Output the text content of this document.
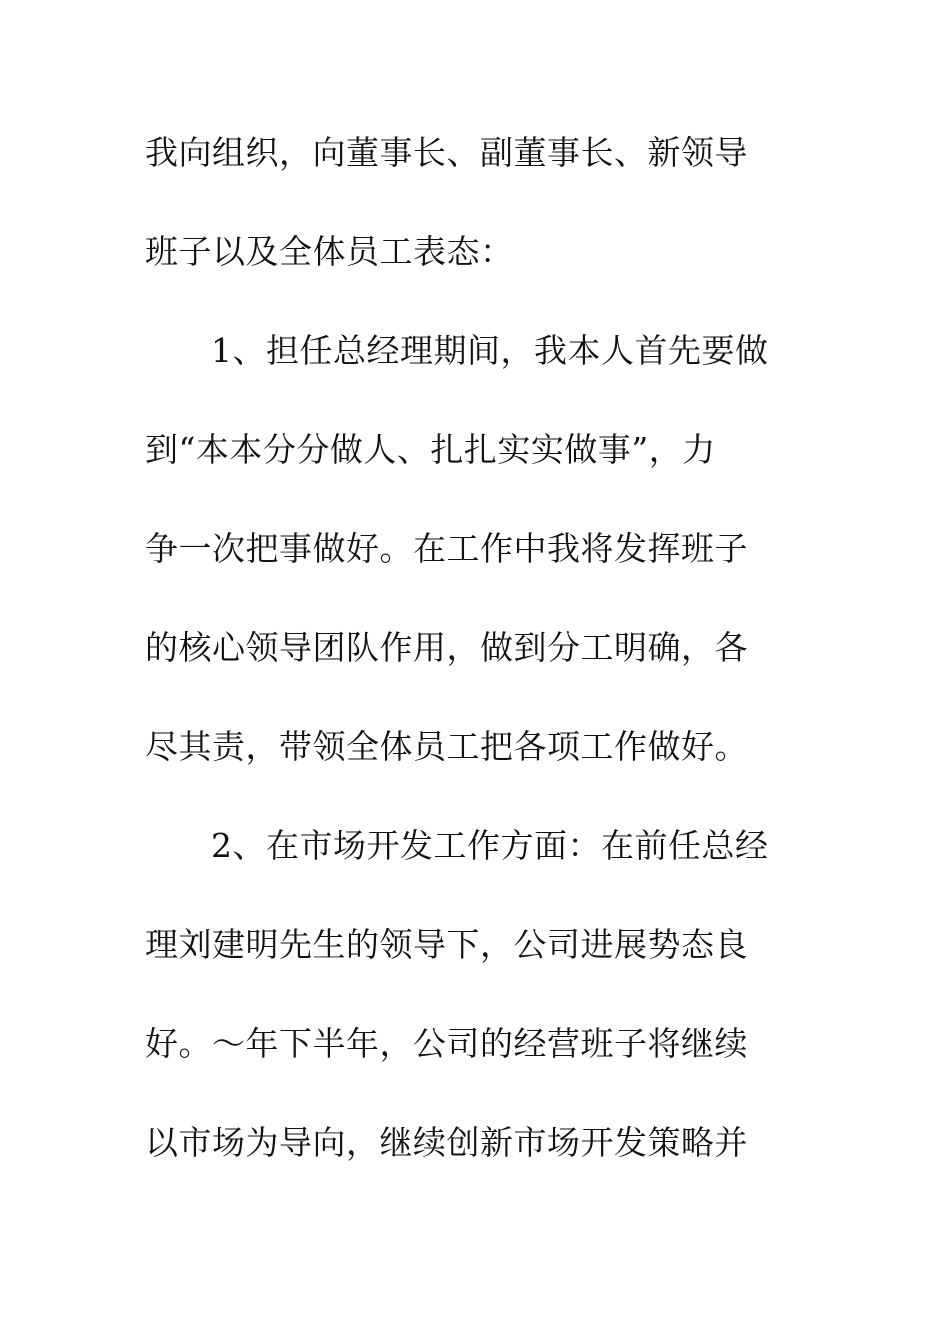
我向组织，向董事长、副董事长、新领导
班子以及全体员工表态：
1、担任总经理期间，我本人首先要做
到“本本分分做人、扎扎实实做事”，力
争一次把事做好。在工作中我将发挥班子
的核心领导团队作用，做到分工明确，各
尽其责，带领全体员工把各项工作做好。
2、在市场开发工作方面：在前任总经
理刘建明先生的领导下，公司进展势态良
好。～年下半年，公司的经营班子将继续
以市场为导向，继续创新市场开发策略并
